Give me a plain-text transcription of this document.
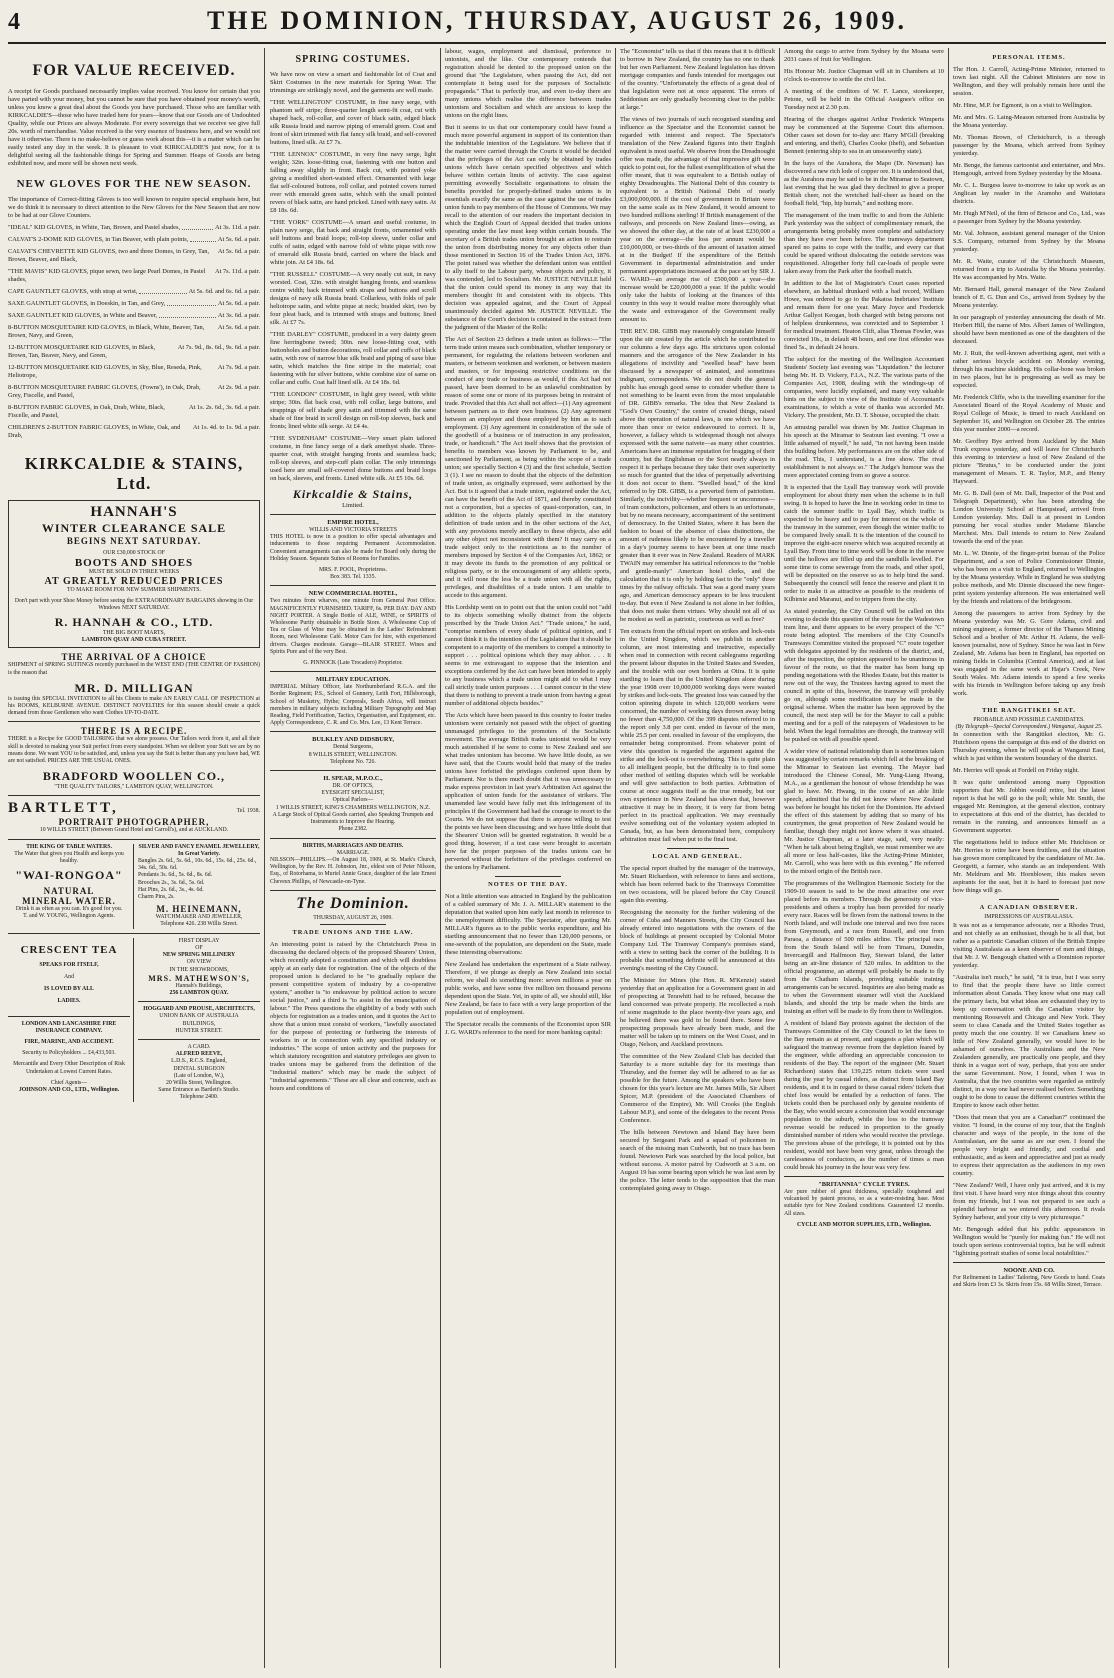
4	THE DOMINION, THURSDAY, AUGUST 26, 1909.
FOR VALUE RECEIVED.

A receipt for Goods purchased necessarily implies value received. You know for certain that you have parted with your money, but you cannot be sure that you have obtained your money's worth, unless you know a great deal about the Goods you have purchased. Those who are familiar with KIRKCALDIE'S—those who have traded here for years—know that our Goods are of Undoubted Quality, while our Prices are always Moderate. For every sovereign that we receive we give full 20s. worth of merchandise. Value received is the very essence of business here, and we would not have it otherwise. There is no make-believe or guess work about this—it is a matter which can be easily tested any day in the week. It is pleasant to visit KIRKCALDIE'S just now, for it is delightful seeing all the fashionable things for Spring and Summer. Heaps of Goods are being exhibited now, and more will be shown next week.

NEW GLOVES FOR THE NEW SEASON.

The importance of Correct-fitting Gloves is too well known to require special emphasis here, but we do think it is necessary to direct attention to the New Gloves for the New Season that are now to be had at our Glove Counters.

"IDEAL" KID GLOVES, in White, Tan, Brown, and Pastel shades,	At 3s. 11d. a pair.
CALVAT'S 2-DOME KID GLOVES, in Tan Beaver, with plain points,	At 5s. 6d. a pair.
CALVAT'S CHEVRETTE KID GLOVES, two and three Domes, in Grey, Tan, Brown, Beaver, and Black,
At 5s. 6d. a pair.
"THE MAVIS" KID GLOVES, pique sewn, two large Pearl Domes, in Pastel shades,
At 7s. 11d. a pair.
CAPE GAUNTLET GLOVES, with strap at wrist,	At 5s. 6d. and 6s. 6d. a pair.
SAXE GAUNTLET GLOVES, in Doeskin, in Tan, and Grey,	At 5s. 6d. a pair.
SAXE GAUNTLET KID GLOVES, in White and Beaver,	At 3s. 6d. a pair.
8-BUTTON MOSQUETAIRE KID GLOVES, in Black, White, Beaver, Tan, Brown, Navy, and Green,
At 5s. 6d. a pair.
12-BUTTON MOSQUETAIRE KID GLOVES, in Black, Brown, Tan, Beaver, Navy, and Green,
At 7s. 9d., 8s. 6d., 9s. 6d. a pair.
12-BUTTON MOSQUETAIRE KID GLOVES, in Sky, Blue, Reseda, Pink, Heliotrope,
At 7s. 9d. a pair.
8-BUTTON MOSQUETAIRE FABRIC GLOVES, (Fowns'), in Oak, Drab, Grey, Fiscelle, and Pastel,
At 2s. 9d. a pair.
8-BUTTON FABRIC GLOVES, in Oak, Drab, White, Black, Fiscelle, and Pastel,
At 1s. 2s. 6d., 3s. 6d. a pair.
CHILDREN'S 2-BUTTON FABRIC GLOVES, in White, Oak, and Drab,
At 1s. 4d. to 1s. 9d. a pair.
KIRKCALDIE & STAINS, Ltd.
HANNAH'S
WINTER CLEARANCE SALE
BEGINS NEXT SATURDAY.
OUR £30,000 STOCK OF
BOOTS AND SHOES
MUST BE SOLD IN THREE WEEKS
AT GREATLY REDUCED PRICES
TO MAKE ROOM FOR NEW SUMMER SHIPMENTS.
Don't part with your Shoe Money before seeing the EXTRAORDINARY BARGAINS showing in Our Windows NEXT SATURDAY.
R. HANNAH & CO., LTD.
THE BIG BOOT MARTS,
LAMBTON QUAY AND CUBA STREET.
THE ARRIVAL OF A CHOICE

SHIPMENT of SPRING SUITINGS recently purchased in the WEST END (THE CENTRE OF FASHION) is the reason that

MR. D. MILLIGAN

is issuing this SPECIAL INVITATION to all his Clients to make AN EARLY CALL OF INSPECTION at his ROOMS, KELBURNE AVENUE. DISTINCT NOVELTIES for this season should create a quick demand from those Gentlemen who want Clothes UP-TO-DATE.

THERE IS A RECIPE.

THERE is a Recipe for GOOD TAILORING that we alone possess. Our Tailors work from it, and all their skill is devoted to making your Suit perfect from every standpoint. When we deliver your Suit we are by no means done. We want YOU to be satisfied, and, unless you say the Suit is better than any you have had, WE are not satisfied. PRICES ARE THE USUAL ONES.

BRADFORD WOOLLEN CO.,
"THE QUALITY TAILORS," LAMBTON QUAY, WELLINGTON.
BARTLETT,	Tel. 1938.
PORTRAIT PHOTOGRAPHER,
10 WILLIS STREET (Between Grand Hotel and Carroll's), and at AUCKLAND.
THE KING OF TABLE WATERS.
The Water that gives you Health and keeps you healthy.
"WAI-RONGOA"
NATURAL
MINERAL WATER.
Drink it as often as you can. It's good for you.
T. and W. YOUNG, Wellington Agents.
SILVER AND FANCY ENAMEL JEWELLERY, In Great Variety.
Bangles 2s. 6d., 5s. 6d., 10s. 6d., 15s. 6d., 25s. 6d., 34s. 6d., 50s. 6d.
Pendants 3s. 6d., 5s. 6d., 8s. 6d.
Brooches 2s., 3s. 6d., 5s. 6d.
Hat Pins, 2s. 6d., 3s., 4s. 6d.
Charm Pins, 2s.
M. HEINEMANN,
WATCHMAKER AND JEWELLER,
Telephone 426. 238 Willis Street.
CRESCENT TEA
SPEAKS FOR ITSELF,
And
IS LOVED BY ALL
LADIES.
LONDON AND LANCASHIRE FIRE INSURANCE COMPANY.
FIRE, MARINE, AND ACCIDENT.
Security to Policyholders ... £4,433,503.
Mercantile and Every Other Description of Risk Undertaken at Lowest Current Rates.
Chief Agents—
JOHNSON AND CO., LTD., Wellington.
FIRST DISPLAY
OF
NEW SPRING MILLINERY
ON VIEW
IN THE SHOWROOMS,
MRS. MATHEWSON'S,
Hannah's Buildings,
256 LAMBTON QUAY.
HOGGARD AND PROUSE, ARCHITECTS,
UNION BANK OF AUSTRALIA
BUILDINGS,
HUNTER STREET.
A CARD.
ALFRED REEVE,
L.D.S., R.C.S. England,
DENTAL SURGEON
(Late of London, W.),
20 Willis Street, Wellington.
Same Entrance as Bartlett's Studio.
Telephone 2400.
SPRING COSTUMES.

We have now on view a smart and fashionable lot of Coat and Skirt Costumes in the new materials for Spring Wear. The trimmings are strikingly novel, and the garments are well made.

"THE WELLINGTON" COSTUME, in fine navy serge, with phantom self stripe; three-quarter length semi-fit coat, cut with shaped back, roll-collar, and cover of black satin, edged black silk Russia braid and narrow piping of emerald green. Coat and front of skirt trimmed with flat fancy silk braid, and self-covered buttons, lined silk. At £7 7s.

"THE LENNOX" COSTUME, in very fine navy serge, light weight; 32in. loose-fitting coat, fastening with one button and falling away slightly in front. Back cut, with pointed yoke giving a modified short-waisted effect. Ornamented with large flat self-coloured buttons, roll collar, and pointed covers turned over with emerald green satin, which with the small pointed revers of black satin, are hand pricked. Lined with navy satin. At £8 18s. 6d.

"THE YORK" COSTUME—A smart and useful costume, in plain navy serge, flat back and straight fronts, ornamented with self buttons and braid loops; roll-top sleeve, under collar and cuffs of satin, edged with narrow fold of white pique with row of emerald silk Russia braid, carried on where the black and white join. At £4 18s. 6d.

"THE RUSSELL" COSTUME—A very neatly cut suit, in navy worsted. Coat, 32in. with straight hanging fronts, and seamless centre width; back trimmed with straps and buttons and scroll designs of navy silk Russia braid. Collarless, with folds of pale heliotrope satin, and white pique at neck; braided skirt, two by four pleat back, and is trimmed with straps and buttons; lined silk. At £7 7s.

"THE DARLEY" COSTUME, produced in a very dainty green fine herringbone tweed; 30in. new loose-fitting coat, with buttonholes and button decorations, roll collar and cuffs of black satin, with row of narrow blue silk braid and piping of saxe blue satin, which matches the fine stripe in the material; coat fastening with fur silver buttons, white combine size of same on collar and cuffs. Coat half lined silk. At £4 18s. 6d.

"THE LONDON" COSTUME, in light grey tweed, with white stripe; 30in. flat back coat, with roll collar, large buttons, and strappings of self shade grey satin and trimmed with the same shade of fine braid in scroll design on roll-top sleeves, back and fronts; lined white silk serge. At £4 4s.

"THE SYDENHAM" COSTUME—Very smart plain tailored costume, in fine fancy serge of a dark amethyst shade. Three-quarter coat, with straight hanging fronts and seamless back; roll-top sleeves, and step-cuff plain collar. The only trimmings used here are small self-covered dome buttons and braid loops on back, sleeves, and fronts. Lined white silk. At £5 10s. 6d.

Kirkcaldie & Stains,
Limited.
EMPIRE HOTEL,
WILLIS AND VICTORIA STREETS

THIS HOTEL is now in a position to offer special advantages and inducements to those requiring Permanent Accommodation. Convenient arrangements can also be made for Board only during the Holiday Season. Separate Suites of Rooms for Families.

MRS. F. POOL, Proprietress.
Box 383. Tel. 1335.
NEW COMMERCIAL HOTEL,

Two minutes from wharves, one minute from General Post Office. MAGNIFICENTLY FURNISHED. TARIFF, 6s. PER DAY. DAY AND NIGHT PORTER. A Single Bottle of ALE, WINE, or SPIRITS of Wholesome Purity obtainable in Bottle Store. A Wholesome Cup of Tea or Glass of Wine may be obtained in the Ladies' Refreshment Room, next Wholesome Café. Motor Cars for hire, with experienced drivers. Charges moderate. Garage—BLAIR STREET. Wines and Spirits Pure and of the very Best.

G. PINNOCK (Late Trocadero) Proprietor.
MILITARY EDUCATION.

IMPERIAL Military Officer, late Northumberland R.G.A. and the Border Regiment; P.S., School of Gunnery, Leith Fort, Hillsborough, School of Musketry, Hythe; Corporals, South Africa, will instruct members in military subjects including Military Topography and Map Reading, Field Fortification, Tactics, Organisation, and Equipment, etc. Apply Correspondence, C. R. and Co. Mrs. Lee, 13 Kent Terrace.

BULKLEY AND DIDSBURY,
Dental Surgeons,
8 WILLIS STREET, WELLINGTON.
Telephone No. 726.
H. SPEAR, M.P.O.C.,
DR. OF OPTICS,
EYESIGHT SPECIALIST,
Optical Parlors—
1 WILLIS STREET, KING'S CHAMBERS WELLINGTON, N.Z.
A Large Stock of Optical Goods carried, also Speaking Trumpets and Instruments to Improve the Hearing.
Phone 2382.
BIRTHS, MARRIAGES AND DEATHS.
MARRIAGE.

NILSSON—PHILLIPS.—On August 18, 1909, at St. Mark's Church, Wellington, by the Rev. H. Johnston, Jnr., eldest son of Peter Nilsson, Esq., of Rotorhama, to Muriel Annie Grace, daughter of the late Ernest Cheveux Phillips, of Newcastle-on-Tyne.

The Dominion.
THURSDAY, AUGUST 26, 1909.
TRADE UNIONS AND THE LAW.

An interesting point is raised by the Christchurch Press in discussing the declared objects of the proposed Shearers' Union, which recently adopted a constitution and which will doubtless apply at an early date for registration. One of the objects of the proposed union is declared to be "to gradually replace the present competitive system of industry by a co-operative system," another is "to endeavour by political action to secure social justice," and a third is "to assist in the emancipation of labour." The Press questions the eligibility of a body with such objects for registration as a trades union, and it quotes the Act to show that a union must consist of workers, "lawfully associated for the purpose of protecting or furthering the interests of workers in or in connection with any specified industry or industries." The scope of union activity and the purposes for which statutory recognition and statutory privileges are given to trades unions may be gathered from the definition of the "industrial matters" which may be made the subject of "industrial agreements." These are all clear and concrete, such as hours and conditions of

labour, wages, employment and dismissal, preference to unionists, and the like. Our contemporary contends that registration should be denied to the proposed union on the ground that "the Legislature, when passing the Act, did not contemplate it being used for the purposes of Socialistic propaganda." That is perfectly true, and even to-day there are many unions which realise the difference between trades unionism and Socialism and which are anxious to keep the unions on the right lines.

But it seems to us that our contemporary could have found a much more powerful argument in support of its contention than the indubitable intention of the Legislature. We believe that if the matter were carried through the Courts it would be decided that the privileges of the Act can only be obtained by trades unions which have certain specified objectives and which behave within certain limits of activity. The case against permitting avowedly Socialistic organisations to obtain the benefits provided for properly-defined trades unions is in essentials exactly the same as the case against the use of trades union funds to pay members of the House of Commons. We may recall to the attention of our readers the important decision in which the English Court of Appeal decided that trades unions operating under the law must keep within certain bounds. The secretary of a British trades union brought an action to restrain the union from distributing money for any objects other than those mentioned in Section 16 of the Trades Union Act, 1876. The point raised was whether the defendant union was entitled to ally itself to the Labour party, whose objects and policy, it was contended, led to Socialism. Mr. JUSTICE NEVILLE held that the union could spend its money in any way that its members thought fit and consistent with its objects. This decision was appealed against, and the Court of Appeal unanimously decided against Mr. JUSTICE NEVILLE. The substance of the Court's decision is contained in the extract from the judgment of the Master of the Rolls:

The Act of Section 23 defines a trade union as follows:—"The term trade union means such combination, whether temporary or permanent, for regulating the relations between workmen and masters, or between workmen and workmen, or between masters and masters, or for imposing restrictive conditions on the conduct of any trade or business as would, if this Act had not passed, have been deemed to be an unlawful combination by reason of some one or more of its purposes being in restraint of trade. Provided that this Act shall not affect—(1) Any agreement between partners as to their own business. (2) Any agreement between an employer and those employed by him as to such employment. (3) Any agreement in consideration of the sale of the goodwill of a business or of instruction in any profession, trade, or handicraft." The Act itself shows that the provision of benefits to members was known by Parliament to be, and sanctioned by Parliament, as being within the scope of a trade union; see specially Section 4 (3) and the first schedule, Section 3 (1). I see no reason to doubt that the objects of the definition of trade union, as originally expressed, were authorised by the Act. But is it agreed that a trade union, registered under the Act, can have the benefit of the Act of 1871, and thereby constituted not a corporation, but a species of quasi-corporation, can, in addition to the objects plainly specified in the statutory definition of trade union and in the other sections of the Act, with any provisions merely ancillary to these objects, also add any other object not inconsistent with them? It may carry on a trade subject only to the restrictions as to the number of members imposed by Section 4 of the Companies Act, 1862; or it may devote its funds to the promotion of any political or religious party, or to the encouragement of any athletic sports, and it will none the less be a trade union with all the rights, privileges, and disabilities of a trade union. I am unable to accede to this argument.

His Lordship went on to point out that the union could not "add to its objects something wholly distinct from the objects prescribed by the Trade Union Act." "Trade unions," he said, "comprise members of every shade of political opinion, and I cannot think it is the intention of the Legislature that it should be competent to a majority of the members to compel a minority to support . . . political opinions which they may abhor. . . . It seems to me extravagant to suppose that the intention and exceptions conferred by the Act can have been intended to apply to any business which a trade union might add to what I may call strictly trade union purposes . . . I cannot concur in the view that there is nothing to prevent a trade union from having a great number of additional objects besides."

The Acts which have been passed in this country to foster trades unionism were certainly not passed with the object of granting unmanaged privileges to the promoters of the Socialistic movement. The average British trades unionist would be very much astonished if he were to come to New Zealand and see what trades unionism has become. We have little doubt, as we have said, that the Courts would hold that many of the trades unions have forfeited the privileges conferred upon them by Parliament. Nor is there much doubt that it was unnecessary to make express provision in last year's Arbitration Act against the application of union funds for the assistance of strikers. The unamended law would have fully met this infringement of its principles if the Government had had the courage to resort to the Courts. We do not suppose that there is anyone willing to test the points we have been discussing; and we have little doubt that the Shearers' Union will be granted registration. It would be a good thing, however, if a test case were brought to ascertain how far the proper purposes of the trades unions can be perverted without the forfeiture of the privileges conferred on the unions by Parliament.

NOTES OF THE DAY.

Not a little attention was attracted in England by the publication of a cabled summary of Mr. J. A. MILLAR's statement to the deputation that waited upon him early last month in reference to the unemployment difficulty. The Spectator, after quoting Mr. MILLAR's figures as to the public works expenditure, and his startling announcement that no fewer than 120,000 persons, or one-seventh of the population, are dependent on the State, made these interesting observations:

New Zealand has undertaken the experiment of a State railway. Therefore, if we plunge as deeply as New Zealand into social reform, we shall do something more: seven millions a year on public works, and have some five million ten thousand persons dependent upon the State. Yet, in spite of all, we should still, like New Zealand, be face to face with a very large proportion of the population out of employment.

The Spectator recalls the comments of the Economist upon SIR J. G. WARD's reference to the need for more banking capital:

The "Economist" tells us that if this means that it is difficult to borrow in New Zealand, the country has no one to thank but her own Parliament. New Zealand legislation has driven mortgage companies and funds intended for mortgages out of the country. "Unfortunately the effects of a great deal of that legislation were not at once apparent. The errors of Seddonism are only gradually becoming clear to the public at large."

The views of two journals of such recognised standing and influence as the Spectator and the Economist cannot be regarded with interest and respect. The Spectator's translation of the New Zealand figures into their English equivalent is most useful. We observe from the Dreadnought offer was made, the advantage of that impressive gift were quick to point out, for the fullest exemplification of what the offer meant, that it was equivalent to a British outlay of eighty Dreadnoughts. The National Debt of this country is equivalent to a British National Debt of nearly £3,000,000,000. If the cost of government in Britain were on the same scale as in New Zealand, it would amount to two hundred millions sterling! If British management of the railways, and proceeds on New Zealand lines—owing, as we showed the other day, at the rate of at least £230,000 a year on the average—the loss per annum would be £10,000,000, or two-thirds of the amount of taxation aimed at in the Budget! If the expenditure of the British Government in departmental administration and under permanent appropriations increased at the pace set by SIR J. G. WARD—an average rise of £500,000 a year—the increase would be £20,000,000 a year. If the public would only take the habits of looking at the finances of this country in this way it would realise more thoroughly what the waste and extravagance of the Government really amount to.

THE REV. DR. GIBB may reasonably congratulate himself upon the stir created by the article which he contributed to our columns a few days ago. His strictures upon colonial manners and the arrogance of the New Zealander in his allegations of incivility and "swelled head" have been discussed by a newspaper of animated, and sometimes indignant, correspondents. We do not doubt the general public has enough good sense to consider whether there is not something to be learnt even from the most unpalatable of DR. GIBB's remarks. The idea that New Zealand is "God's Own Country," the centre of created things, raised above the operation of natural laws, is one which we have more than once or twice endeavoured to correct. It is, however, a fallacy which is widespread though not always expressed with the same naivete—as many other countries. Americans have an immense reputation for bragging of their country, but the Englishman or the Scot nearly always in respect it is perhaps because they take their own superiority so much for granted that the idea of perpetually advertising it does not occur to them. "Swelled head," of the kind referred to by DR. GIBB, is a perverted form of patriotism. Similarly, the incivility—whether frequent or uncommon—of tram conductors, policemen, and others is an unfortunate, but by no means necessary, accompaniment of the sentiment of democracy. In the United States, where it has been the fashion to boast of the absence of class distinctions, the amount of rudeness likely to be encountered by a traveller in a day's journey seems to have been at one time much greater than it ever was in New Zealand. Readers of MARK TWAIN may remember his satirical references to the "noble and gentle-manly" American hotel clerks, and the calculation that it is only by holding fast to the "only" three times by the railway officials. That was a good many years ago, and American democracy appears to be less truculent to-day. But even if New Zealand is not alone in her foibles, that does not make them virtues. Why should not all of us be modest as well as patriotic, courteous as well as free?

Ten extracts from the official report on strikes and lock-outs in the United Kingdom, which we publish in another column, are most interesting and instructive, especially when read in connection with recent cablegrams regarding the present labour disputes in the United States and Sweden, and the trouble with our own borders at Otira. It is quite startling to learn that in the United Kingdom alone during the year 1908 over 10,000,000 working days were wasted by strikes and lock-outs. The greatest loss was caused by the cotton spinning dispute in which 120,000 workers were concerned, the number of working days thrown away being no fewer than 4,750,000. Of the 399 disputes referred to in the report only 3.8 per cent. ended in favour of the men, while 25.5 per cent. resulted in favour of the employers, the remainder being compromised. From whatever point of view this question is regarded the argument against the strike and the lock-out is overwhelming. This is quite plain to all intelligent people, but the difficulty is to find some other method of settling disputes which will be workable and will give satisfaction to both parties. Arbitration of course at once suggests itself as the true remedy, but our own experience in New Zealand has shown that, however attractive it may be in theory, it is very far from being perfect in its practical application. We may eventually evolve something out of the voluntary system adopted in Canada, but, as has been demonstrated here, compulsory arbitration must fail when put to the final test.

LOCAL AND GENERAL.

The special report drafted by the manager of the tramways, Mr. Stuart Richardson, with reference to fares and sections, which has been referred back to the Tramways Committee on two occasions, will be placed before the City Council again this evening.

Recognising the necessity for the further widening of the corner of Cuba and Manners Streets, the City Council has already entered into negotiations with the owners of the block of buildings at present occupied by Colonial Motor Company Ltd. The Tramway Company's premises stand, with a view to setting back the corner of the building. It is probable that something definite will be announced at this evening's meeting of the City Council.

The Minister for Mines (the Hon. R. M'Kenzie) stated yesterday that an application for a Government grant in aid of prospecting at Terawhiti had to be refused, because the land concerned was private property. He recollected a rush of some magnitude to the place twenty-five years ago, and he believed there was gold to be found there. Some few prospecting proposals have already been made, and the matter will be taken up to miners on the West Coast, and in Otago, Nelson, and Auckland provinces.

The committee of the New Zealand Club has decided that Saturday is a more suitable day for its meetings than Thursday, and the former day will be adhered to as far as possible for the future. Among the speakers who have been chosen for this year's lecture are Mr. James Mills, Sir Albert Spicer, M.P. (president of the Associated Chambers of Commerce of the Empire), Mr. Will Crooks (the English Labour M.P.), and some of the delegates to the recent Press Conference.

The hills between Newtown and Island Bay have been secured by Sergeant Park and a squad of policemen in search of the missing man Cudworth, but no trace has been found. Newtown Park was searched by the local police, but without success. A motor patrol by Cudworth at 3 a.m. on August 19 has some bearing upon which he was last seen by the police. The letter tends to the supposition that the man contemplated going away to Otago.

Among the cargo to arrive from Sydney by the Moana were 2031 cases of fruit for Wellington.

His Honour Mr. Justice Chapman will sit in Chambers at 10 o'clock to-morrow to settle the civil list.

A meeting of the creditors of W. F. Lance, storekeeper, Petone, will be held in the Official Assignee's office on Tuesday next at 2.30 p.m.

Hearing of the charges against Arthur Frederick Wimperis may be commenced at the Supreme Court this afternoon. Other cases set down for to-day are: Harry M'Gill (breaking and entering, and theft), Charles Cooke (theft), and Sebastian Bennett (entering ship to sea in an unseaworthy state).

In the bays of the Aurahora, the Mapo (Dr. Newman) has discovered a new rich lode of copper ore. It is understood that, as the Aurahora may be said to be in the Miramar to Seatown, last evening that he was glad they declined to give a proper British cheer, not the wretched half-cheer as heard on the football field, "hip, hip hurrah," and nothing more.

The management of the tram traffic to and from the Athletic Park yesterday was the subject of complimentary remark, the arrangements being probably more complete and satisfactory than they have ever been before. The tramways department spared no pains to cope with the traffic, and every car that could be spared without dislocating the outside services was requisitioned. Altogether forty full car-loads of people were taken away from the Park after the football match.

In addition to the list of Magistrate's Court cases reported elsewhere, an habitual drunkard with a bad record, William Howe, was ordered to go to the Pakatoa Inebriates' Institute and remain there for one year. Mary Joyce and Frederick Arthur Gallyot Keogan, both charged with being persons not of helpless drunkenness, was convicted and to September 1 for medical treatment. Heaton Clift, alias Thomas Fowler, was convicted 10s., in default 48 hours, and one first offender was fined 5s., in default 24 hours.

The subject for the meeting of the Wellington Accountant Students' Society last evening was "Liquidation." the lecturer being Mr. H. D. Vickery, F.I.A., N.Z. The various parts of the Companies Act, 1908, dealing with the windings-up of companies, were lucidly explained, and many very valuable hints on the subject in view of the Institute of Accountant's examinations, to which a vote of thanks was accorded Mr. Vickery. The president, Mr. D. T. Shouse, occupied the chair.

An amusing parallel was drawn by Mr. Justice Chapman in his speech at the Miramar to Seatoun last evening. "I owe a little ashamed of myself," he said, "in not having been inside this building before. My performances are on the other side of the road. This, I understand, is a free show. The rival establishment is not always so." The Judge's humour was the more appreciated coming from so grave a source.

It is expected that the Lyall Bay tramway work will provide employment for about thirty men when the scheme is in full swing. It is hoped to have the line in working order in time to catch the summer traffic to Lyall Bay, which traffic is expected to be heavy and to pay for interest on the whole of the tramway in the summer, even though the winter traffic to be compared lively small. It is the intention of the council to improve the eight-acre reserve which was acquired recently at Lyall Bay. From time to time work will be done in the reserve until the hollows are filled up and the sandhills levelled. For some time to come sewerage from the roads, and other spoil, will be deposited on the reserve so as to help bind the sand. Subsequently the council will fence the reserve and plant it in order to make it as attractive as possible to the residents of Kilbirnie and Maranui, and to trippers from the city.

As stated yesterday, the City Council will be called on this evening to decide this question of the route for the Wadestown tram line, and there appears to be every prospect of the "C" route being adopted. The members of the City Council's Tramways Committee visited the proposed "C" route together with delegates appointed by the residents of the district, and, after the inspection, the opinion appeared to be unanimous in favour of the route, so that the matter has been hung up pending negotiations with the Rhodes Estate, but this matter is now out of the way, the Trustees having agreed to meet the council in spite of this, however, the tramway will probably go on, although some modification may be made in the original scheme. When the matter has been approved by the council, the next step will be for the Mayor to call a public meeting and for a poll of the ratepayers of Wadestown to be held. When the legal formalities are through, the tramway will be pushed on with all possible speed.

A wider view of national relationship than is sometimes taken was suggested by certain remarks which fell at the breaking of the Miramar to Seatoun last evening. The Mayor had introduced the Chinese Consul, Mr. Yung-Liang Hwang, M.A., as a gentleman the honour of whose friendship he was glad to have. Mr. Hwang, in the course of an able little speech, admitted that he did not know where New Zealand was before he bought his ticket for the Dominion. He advised the effect of this statement by adding that so many of his countrymen, the great proportion of New Zealand would be familiar, though they might not know where it was situated. Mr. Justice Chapman, at a later stage, said, very neatly: "When he talk about being English, we must remember we are all more or less half-castes, like the Acting-Prime Minister, Mr. Carroll, who was here with us this evening." He referred to the mixed origin of the British race.

The programmes of the Wellington Harmonic Society for the 1909-10 season is said to be the most attractive one ever placed before its members. Through the generosity of vice-presidents and others a trophy has been provided for nearly every race. Races will be flown from the national towns in the North Island, and will include one interval and two free races from Greymouth, and a race from Russell, and one from Paraoa, a distance of 500 miles airline. The principal race from the South Island will be from Timaru, Dunedin, Invercargill and Halfmoon Bay, Stewart Island, the latter being an air-line distance of 520 miles. In addition to the official programme, an attempt will probably be made to fly from the Chatham Islands, providing suitable training arrangements can be secured. Inquiries are also being made as to when the Government steamer will visit the Auckland Islands, and should the trip be made when the birds are training an effort will be made to fly from there to Wellington.

A resident of Island Bay protests against the decision of the Tramways Committee of the City Council to let the fares to the Bay remain as at present, and suggests a plan which will safeguard the tramway revenue from the depletion feared by the engineer, while affording an appreciable concession to residents of the Bay. The report of the engineer (Mr. Stuart Richardson) states that 139,225 return tickets were used during the year by casual riders, as distinct from Island Bay residents, and it is in regard to these casual riders' tickets that chief loss would be entailed by a reduction of fares. The tickets could then be purchased only by genuine residents of the Bay, who would secure a concession that would encourage population to the suburb, while the loss to the tramway revenue would be reduced in proportion to the greatly diminished number of riders who would receive the privilege. The previous abuse of the privilege, it is pointed out by this resident, would not have been very great, unless through the carelessness of conductors, as the number of times a man could break his journey in the hour was very few.

"BRITANNIA" CYCLE TYRES.

Are pure rubber of great thickness, specially toughened and vulcanised by patent process, so as a water-resisting base. Most suitable tyre for New Zealand conditions. Guaranteed 12 months. All sizes.

CYCLE AND MOTOR SUPPLIES, LTD., Wellington.
PERSONAL ITEMS.

The Hon. J. Carroll, Acting-Prime Minister, returned to town last night. All the Cabinet Ministers are now in Wellington, and they will probably remain here until the session.

Mr. Hine, M.P. for Egmont, is on a visit to Wellington.

Mr. and Mrs. G. Laing-Meason returned from Australia by the Moana yesterday.

Mr. Thomas Brown, of Christchurch, is a through passenger by the Moana, which arrived from Sydney yesterday.

Mr. Benge, the famous cartoonist and entertainer, and Mrs. Hemgough, arrived from Sydney yesterday by the Moana.

Mr. C. L. Burgess leave to-morrow to take up work as an Anglican lay reader in the Aramoho and Waitotara districts.

Mr. Hugh M'Neil, of the firm of Briscoe and Co., Ltd., was a passenger from Sydney by the Moana yesterday.

Mr. Val. Johnson, assistant general manager of the Union S.S. Company, returned from Sydney by the Moana yesterday.

Mr. R. Waite, curator of the Christchurch Museum, returned from a trip to Australia by the Moana yesterday. He was accompanied by Mrs. Waite.

Mr. Bernard Hall, general manager of the New Zealand branch of E. G. Dun and Co., arrived from Sydney by the Moana yesterday.

In our paragraph of yesterday announcing the death of Mr. Herbert Hill, the name of Mrs. Albert James of Wellington, should have been mentioned as one of the daughters of the deceased.

Mr. J. Ruit, the well-known advertising agent, met with a rather serious bicycle accident on Monday evening, through his machine skidding. His collar-bone was broken in two places, but he is progressing as well as may be expected.

Mr. Frederick Cliffe, who is the travelling examiner for the Associated Board of the Royal Academy of Music and Royal College of Music, is timed to reach Auckland on September 16, and Wellington on October 28. The entries this year number 2000—a record.

Mr. Geoffrey Bye arrived from Auckland by the Main Trunk express yesterday, and will leave for Christchurch this evening to interview a host of New Zealand of the picture "Brutus," to be conducted under the joint management of Messrs. T. R. Taylor, M.P., and Henry Hayward.

Mr. G. B. Dall (son of Mr. Dall, Inspector of the Post and Telegraph Department), who has been attending the London University School at Hampstead, arrived from London yesterday. Mrs. Dall is at present in London pursuing her vocal studies under Madame Blanche Marchesi. Mrs. Dall intends to return to New Zealand towards the end of the year.

Mr. L. W. Dinnie, of the finger-print bureau of the Police Department, and a son of Police Commissioner Dinnie, who has been on a visit to England, returned to Wellington by the Moana yesterday. While in England he was studying police methods, and Mr. Dinnie discussed the new finger-print system yesterday afternoon. He was entertained well by the friends and relations of the bridegroom.

Among the passengers to arrive from Sydney by the Moana yesterday was Mr. G. Gore Adams, civil and mining engineer, a former director of the Thames Mining School and a brother of Mr. Arthur H. Adams, the well-known journalist, now of Sydney. Since he was last in New Zealand, Mr. Adams has been in England, has reported on mining fields in Columbia (Central America), and at last was engaged in the same work at Hajar's Creek, New South Wales. Mr. Adams intends to spend a few weeks with his friends in Wellington before taking up any fresh work.

THE RANGITIKEI SEAT.
PROBABLE AND POSSIBLE CANDIDATES.
(By Telegraph—Special Correspondent.) Wanganui, August 25.

In connection with the Rangitikei election, Mr. G. Hutchison opens the campaign at this end of the district on Thursday evening, when he will speak at Wanganui East, which is just within the western boundary of the district.

Mr. Herries will speak at Fordell on Friday night.

It was quite understood among many Opposition supporters that Mr. Jobbin would retire, but the latest report is that he will go to the poll; while Mr. Smith, the engaged Mr. Remington, at the general election, contrary to expectations at this end of the district, has decided to remain in the running, and announces himself as a Government supporter.

The negotiations held to induce either Mr. Hutchison or Mr. Herries to retire have been fruitless, and the situation has grown more complicated by the candidature of Mr. Jas. Georgetti, a farmer, who stands as an independent. With Mr. Meldrum and Mr. Hornblower, this makes seven aspirants for the seat, but it is hard to forecast just now how things will go.

A CANADIAN OBSERVER.
IMPRESSIONS OF AUSTRALASIA.

It was not as a temperance advocate, nor a Rhodes Trust, and not chiefly as an enthusiast, though he is all that, but rather as a patriotic Canadian citizen of the British Empire visiting Australasia as a keen observer of men and things, that Mr. J. W. Bengough chatted with a Dominion reporter yesterday.

"Australia isn't much," he said, "it is true, but I was sorry to find that the people there have so little correct information about Canada. They know what one may call the primary facts, but what ideas are exhausted they try to keep up conversation with the Canadian visitor by mentioning Roosevelt and Chicago and New York. They seem to class Canada and the United States together as pretty much the one country. If we Canadians knew so little of New Zealand generally, we would have to be ashamed of ourselves. The Australians and the New Zealanders generally, are practically one people, and they think in a vague sort of way, perhaps, that you are under the same Government. Now, I found, when I was in Australia, that the two countries were regarded as entirely distinct, in a way one had never realised before. Something ought to be done to cause the different countries within the Empire to know each other better.

"Does that mean that you are a Canadian?" continued the visitor. "I found, in the course of my tour, that the English character and ways of the people, in the tone of the Australasian, are the same as are our own. I found the people very bright and friendly, and cordial and enthusiastic, and as keen and appreciative and just as ready to express their appreciation as the audiences in my own country.

"New Zealand? Well, I have only just arrived, and it is my first visit. I have heard very nice things about this country from my friends, but I was not prepared to see such a splendid harbour as we entered this afternoon. It rivals Sydney harbour, and your city is very picturesque."

Mr. Bengough added that his public appearances in Wellington would be "purely for making fun." He will not touch upon serious controversial topics, but he will submit "lightning portrait studies of some local notabilities."

NOONE AND CO.

For Refinement in Ladies' Tailoring, New Goods to hand. Coats and Skirts from £3 3s. Skirts from 15s. 68 Willis Street, Terrace.
